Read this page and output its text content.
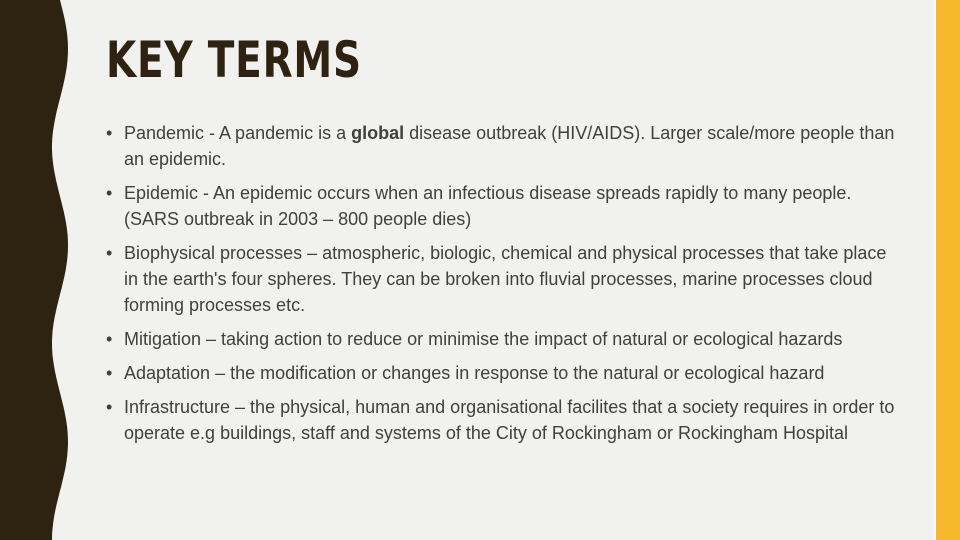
KEY TERMS
• Pandemic - A pandemic is a global disease outbreak (HIV/AIDS). Larger scale/more people than an epidemic.
• Epidemic - An epidemic occurs when an infectious disease spreads rapidly to many people. (SARS outbreak in 2003 – 800 people dies)
• Biophysical processes – atmospheric, biologic, chemical and physical processes that take place in the earth's four spheres. They can be broken into fluvial processes, marine processes cloud forming processes etc.
• Mitigation – taking action to reduce or minimise the impact of natural or ecological hazards
• Adaptation – the modification or changes in response to the natural or ecological hazard
• Infrastructure – the physical, human and organisational facilites that a society requires in order to operate e.g buildings, staff and systems of the City of Rockingham or Rockingham Hospital
